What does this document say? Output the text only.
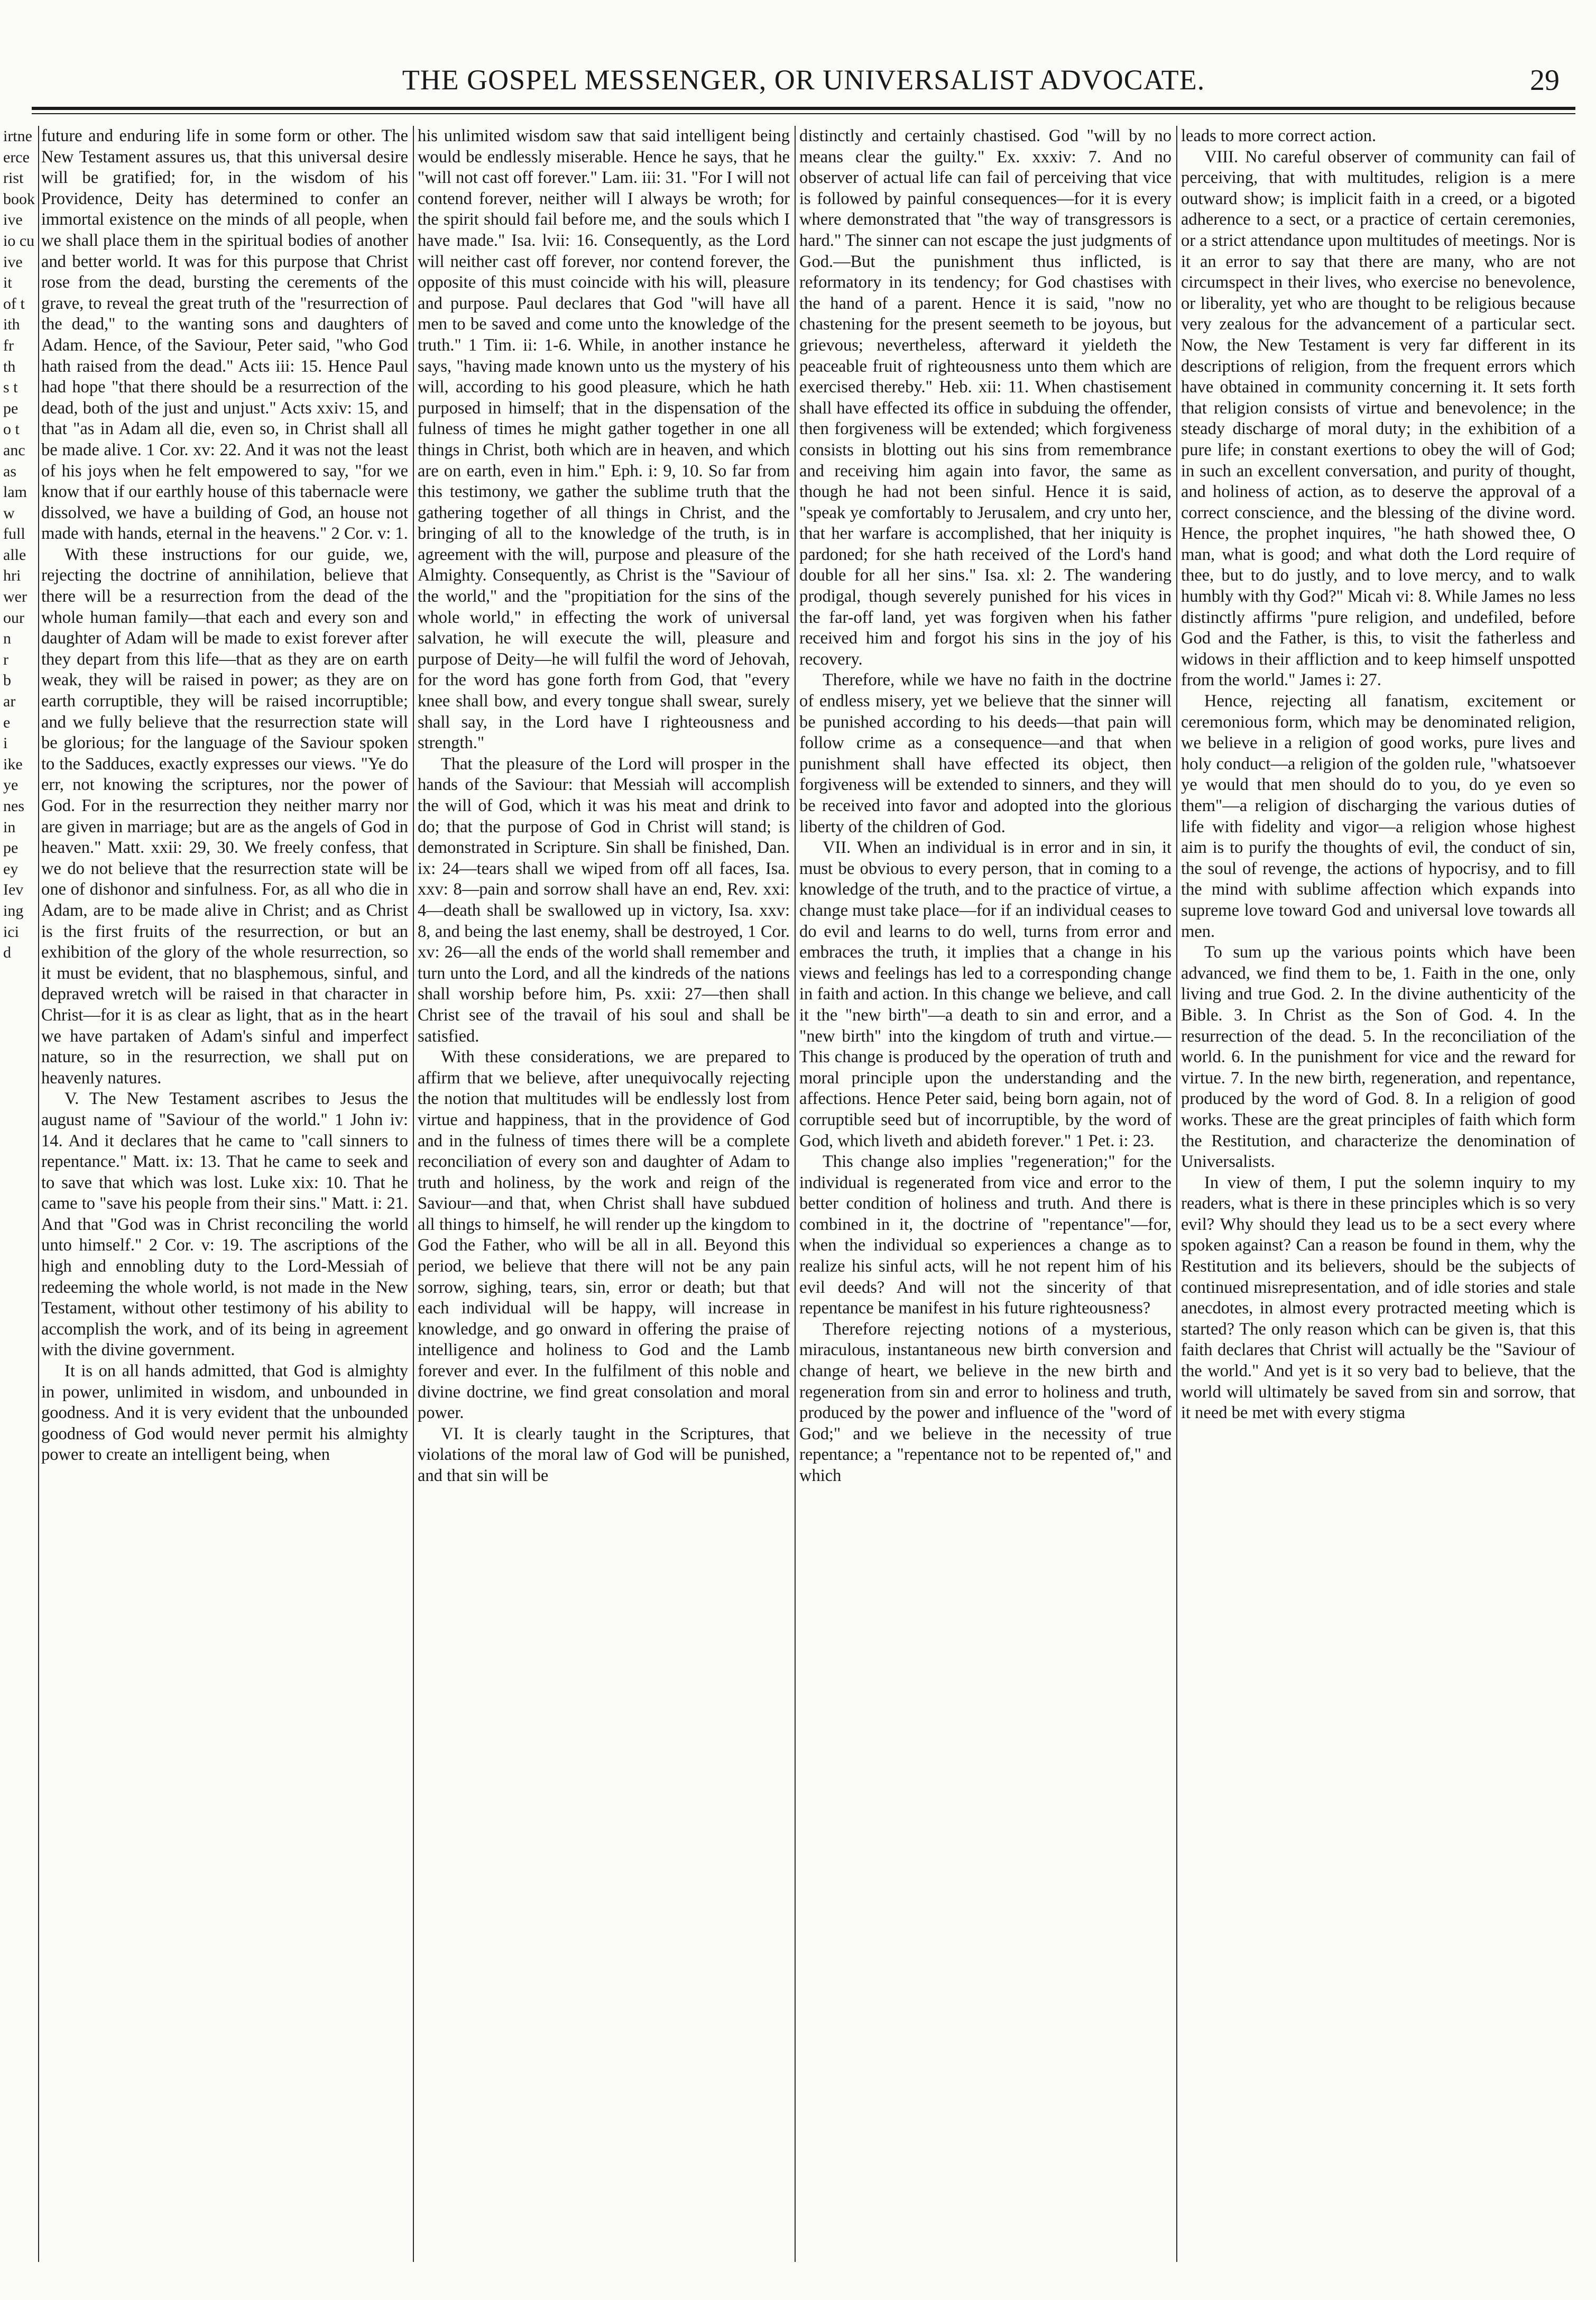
THE GOSPEL MESSENGER, OR UNIVERSALIST ADVOCATE.	29

irtne

erce

rist

book

ive

io cu

ive

it

of t

ith

fr

th

s t

pe

o t

anc

as

lam

w

full

alle

hri

wer

our

n

r

b

ar

e

i

ike

ye

nes

in

pe

ey

Iev

ing

ici

d

future and enduring life in some form or other. The New Testament assures us, that this universal desire will be gratified; for, in the wisdom of his Providence, Deity has determined to confer an immortal existence on the minds of all people, when we shall place them in the spiritual bodies of another and better world. It was for this purpose that Christ rose from the dead, bursting the cerements of the grave, to reveal the great truth of the "resurrection of the dead," to the wanting sons and daughters of Adam. Hence, of the Saviour, Peter said, "who God hath raised from the dead." Acts iii: 15. Hence Paul had hope "that there should be a resurrection of the dead, both of the just and unjust." Acts xxiv: 15, and that "as in Adam all die, even so, in Christ shall all be made alive. 1 Cor. xv: 22. And it was not the least of his joys when he felt empowered to say, "for we know that if our earthly house of this tabernacle were dissolved, we have a building of God, an house not made with hands, eternal in the heavens." 2 Cor. v: 1.

With these instructions for our guide, we, rejecting the doctrine of annihilation, believe that there will be a resurrection from the dead of the whole human family—that each and every son and daughter of Adam will be made to exist forever after they depart from this life—that as they are on earth weak, they will be raised in power; as they are on earth corruptible, they will be raised incorruptible; and we fully believe that the resurrection state will be glorious; for the language of the Saviour spoken to the Sadduces, exactly expresses our views. "Ye do err, not knowing the scriptures, nor the power of God. For in the resurrection they neither marry nor are given in marriage; but are as the angels of God in heaven." Matt. xxii: 29, 30. We freely confess, that we do not believe that the resurrection state will be one of dishonor and sinfulness. For, as all who die in Adam, are to be made alive in Christ; and as Christ is the first fruits of the resurrection, or but an exhibition of the glory of the whole resurrection, so it must be evident, that no blasphemous, sinful, and depraved wretch will be raised in that character in Christ—for it is as clear as light, that as in the heart we have partaken of Adam's sinful and imperfect nature, so in the resurrection, we shall put on heavenly natures.

V. The New Testament ascribes to Jesus the august name of "Saviour of the world." 1 John iv: 14. And it declares that he came to "call sinners to repentance." Matt. ix: 13. That he came to seek and to save that which was lost. Luke xix: 10. That he came to "save his people from their sins." Matt. i: 21. And that "God was in Christ reconciling the world unto himself." 2 Cor. v: 19. The ascriptions of the high and ennobling duty to the Lord-Messiah of redeeming the whole world, is not made in the New Testament, without other testimony of his ability to accomplish the work, and of its being in agreement with the divine government.

It is on all hands admitted, that God is almighty in power, unlimited in wisdom, and unbounded in goodness. And it is very evident that the unbounded goodness of God would never permit his almighty power to create an intelligent being, when

his unlimited wisdom saw that said intelligent being would be endlessly miserable. Hence he says, that he "will not cast off forever." Lam. iii: 31. "For I will not contend forever, neither will I always be wroth; for the spirit should fail before me, and the souls which I have made." Isa. lvii: 16. Consequently, as the Lord will neither cast off forever, nor contend forever, the opposite of this must coincide with his will, pleasure and purpose. Paul declares that God "will have all men to be saved and come unto the knowledge of the truth." 1 Tim. ii: 1-6. While, in another instance he says, "having made known unto us the mystery of his will, according to his good pleasure, which he hath purposed in himself; that in the dispensation of the fulness of times he might gather together in one all things in Christ, both which are in heaven, and which are on earth, even in him." Eph. i: 9, 10. So far from this testimony, we gather the sublime truth that the gathering together of all things in Christ, and the bringing of all to the knowledge of the truth, is in agreement with the will, purpose and pleasure of the Almighty. Consequently, as Christ is the "Saviour of the world," and the "propitiation for the sins of the whole world," in effecting the work of universal salvation, he will execute the will, pleasure and purpose of Deity—he will fulfil the word of Jehovah, for the word has gone forth from God, that "every knee shall bow, and every tongue shall swear, surely shall say, in the Lord have I righteousness and strength."

That the pleasure of the Lord will prosper in the hands of the Saviour: that Messiah will accomplish the will of God, which it was his meat and drink to do; that the purpose of God in Christ will stand; is demonstrated in Scripture. Sin shall be finished, Dan. ix: 24—tears shall we wiped from off all faces, Isa. xxv: 8—pain and sorrow shall have an end, Rev. xxi: 4—death shall be swallowed up in victory, Isa. xxv: 8, and being the last enemy, shall be destroyed, 1 Cor. xv: 26—all the ends of the world shall remember and turn unto the Lord, and all the kindreds of the nations shall worship before him, Ps. xxii: 27—then shall Christ see of the travail of his soul and shall be satisfied.

With these considerations, we are prepared to affirm that we believe, after unequivocally rejecting the notion that multitudes will be endlessly lost from virtue and happiness, that in the providence of God and in the fulness of times there will be a complete reconciliation of every son and daughter of Adam to truth and holiness, by the work and reign of the Saviour—and that, when Christ shall have subdued all things to himself, he will render up the kingdom to God the Father, who will be all in all. Beyond this period, we believe that there will not be any pain sorrow, sighing, tears, sin, error or death; but that each individual will be happy, will increase in knowledge, and go onward in offering the praise of intelligence and holiness to God and the Lamb forever and ever. In the fulfilment of this noble and divine doctrine, we find great consolation and moral power.

VI. It is clearly taught in the Scriptures, that violations of the moral law of God will be punished, and that sin will be

distinctly and certainly chastised. God "will by no means clear the guilty." Ex. xxxiv: 7. And no observer of actual life can fail of perceiving that vice is followed by painful consequences—for it is every where demonstrated that "the way of transgressors is hard." The sinner can not escape the just judgments of God.—But the punishment thus inflicted, is reformatory in its tendency; for God chastises with the hand of a parent. Hence it is said, "now no chastening for the present seemeth to be joyous, but grievous; nevertheless, afterward it yieldeth the peaceable fruit of righteousness unto them which are exercised thereby." Heb. xii: 11. When chastisement shall have effected its office in subduing the offender, then forgiveness will be extended; which forgiveness consists in blotting out his sins from remembrance and receiving him again into favor, the same as though he had not been sinful. Hence it is said, "speak ye comfortably to Jerusalem, and cry unto her, that her warfare is accomplished, that her iniquity is pardoned; for she hath received of the Lord's hand double for all her sins." Isa. xl: 2. The wandering prodigal, though severely punished for his vices in the far-off land, yet was forgiven when his father received him and forgot his sins in the joy of his recovery.

Therefore, while we have no faith in the doctrine of endless misery, yet we believe that the sinner will be punished according to his deeds—that pain will follow crime as a consequence—and that when punishment shall have effected its object, then forgiveness will be extended to sinners, and they will be received into favor and adopted into the glorious liberty of the children of God.

VII. When an individual is in error and in sin, it must be obvious to every person, that in coming to a knowledge of the truth, and to the practice of virtue, a change must take place—for if an individual ceases to do evil and learns to do well, turns from error and embraces the truth, it implies that a change in his views and feelings has led to a corresponding change in faith and action. In this change we believe, and call it the "new birth"—a death to sin and error, and a "new birth" into the kingdom of truth and virtue.—This change is produced by the operation of truth and moral principle upon the understanding and the affections. Hence Peter said, being born again, not of corruptible seed but of incorruptible, by the word of God, which liveth and abideth forever." 1 Pet. i: 23.

This change also implies "regeneration;" for the individual is regenerated from vice and error to the better condition of holiness and truth. And there is combined in it, the doctrine of "repentance"—for, when the individual so experiences a change as to realize his sinful acts, will he not repent him of his evil deeds? And will not the sincerity of that repentance be manifest in his future righteousness?

Therefore rejecting notions of a mysterious, miraculous, instantaneous new birth conversion and change of heart, we believe in the new birth and regeneration from sin and error to holiness and truth, produced by the power and influence of the "word of God;" and we believe in the necessity of true repentance; a "repentance not to be repented of," and which

leads to more correct action.

VIII. No careful observer of community can fail of perceiving, that with multitudes, religion is a mere outward show; is implicit faith in a creed, or a bigoted adherence to a sect, or a practice of certain ceremonies, or a strict attendance upon multitudes of meetings. Nor is it an error to say that there are many, who are not circumspect in their lives, who exercise no benevolence, or liberality, yet who are thought to be religious because very zealous for the advancement of a particular sect. Now, the New Testament is very far different in its descriptions of religion, from the frequent errors which have obtained in community concerning it. It sets forth that religion consists of virtue and benevolence; in the steady discharge of moral duty; in the exhibition of a pure life; in constant exertions to obey the will of God; in such an excellent conversation, and purity of thought, and holiness of action, as to deserve the approval of a correct conscience, and the blessing of the divine word. Hence, the prophet inquires, "he hath showed thee, O man, what is good; and what doth the Lord require of thee, but to do justly, and to love mercy, and to walk humbly with thy God?" Micah vi: 8. While James no less distinctly affirms "pure religion, and undefiled, before God and the Father, is this, to visit the fatherless and widows in their affliction and to keep himself unspotted from the world." James i: 27.

Hence, rejecting all fanatism, excitement or ceremonious form, which may be denominated religion, we believe in a religion of good works, pure lives and holy conduct—a religion of the golden rule, "whatsoever ye would that men should do to you, do ye even so them"—a religion of discharging the various duties of life with fidelity and vigor—a religion whose highest aim is to purify the thoughts of evil, the conduct of sin, the soul of revenge, the actions of hypocrisy, and to fill the mind with sublime affection which expands into supreme love toward God and universal love towards all men.

To sum up the various points which have been advanced, we find them to be, 1. Faith in the one, only living and true God. 2. In the divine authenticity of the Bible. 3. In Christ as the Son of God. 4. In the resurrection of the dead. 5. In the reconciliation of the world. 6. In the punishment for vice and the reward for virtue. 7. In the new birth, regeneration, and repentance, produced by the word of God. 8. In a religion of good works. These are the great principles of faith which form the Restitution, and characterize the denomination of Universalists.

In view of them, I put the solemn inquiry to my readers, what is there in these principles which is so very evil? Why should they lead us to be a sect every where spoken against? Can a reason be found in them, why the Restitution and its believers, should be the subjects of continued misrepresentation, and of idle stories and stale anecdotes, in almost every protracted meeting which is started? The only reason which can be given is, that this faith declares that Christ will actually be the "Saviour of the world." And yet is it so very bad to believe, that the world will ultimately be saved from sin and sorrow, that it need be met with every stigma
